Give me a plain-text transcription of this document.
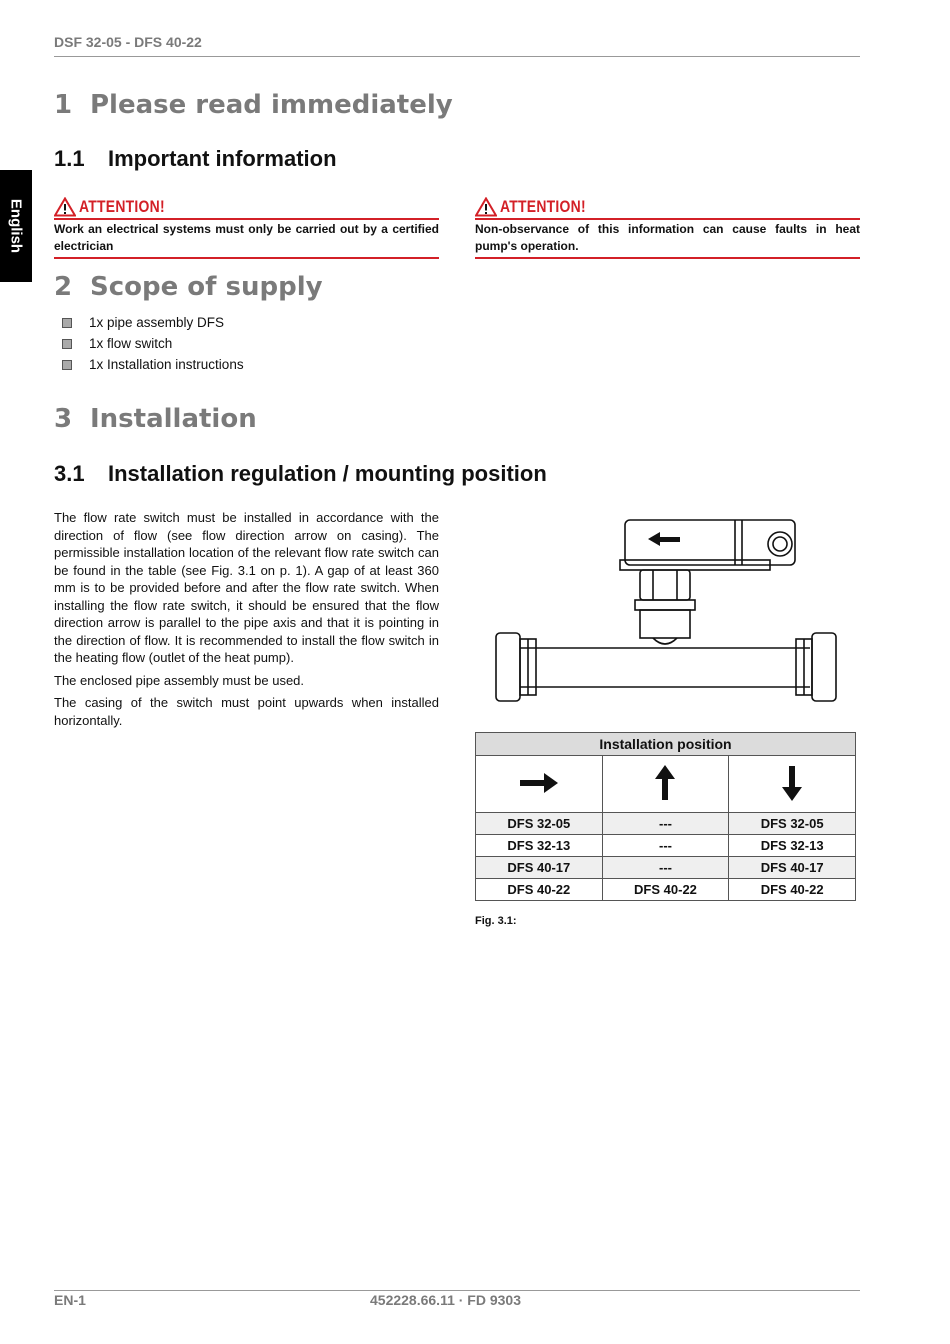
DSF 32-05 - DFS 40-22
English
1 Please read immediately
1.1 Important information
ATTENTION!
Work an electrical systems must only be carried out by a certified electrician
ATTENTION!
Non-observance of this information can cause faults in heat pump's operation.
2 Scope of supply
1x pipe assembly DFS
1x flow switch
1x Installation instructions
3 Installation
3.1 Installation regulation / mounting position

The flow rate switch must be installed in accordance with the direction of flow (see flow direction arrow on casing). The permissible installation location of the relevant flow rate switch can be found in the table (see Fig. 3.1 on p. 1). A gap of at least 360 mm is to be provided before and after the flow rate switch. When installing the flow rate switch, it should be ensured that the flow direction arrow is parallel to the pipe axis and that it is pointing in the direction of flow. It is recommended to install the flow switch in the heating flow (outlet of the heat pump).

The enclosed pipe assembly must be used.

The casing of the switch must point upwards when installed horizontally.

Installation position		

DFS 32-05	---	DFS 32-05
DFS 32-13	---	DFS 32-13
DFS 40-17	---	DFS 40-17
DFS 40-22	DFS 40-22	DFS 40-22
Fig. 3.1:
EN-1	452228.66.11 · FD 9303
